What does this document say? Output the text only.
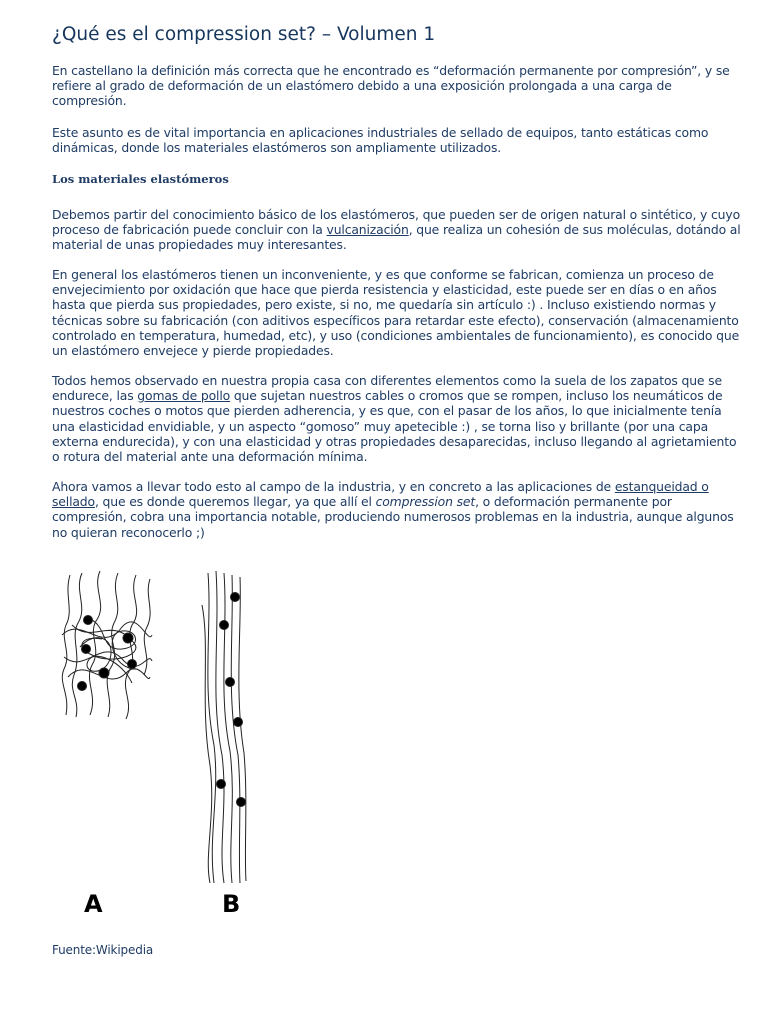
¿Qué es el compression set? – Volumen 1

En castellano la definición más correcta que he encontrado es “deformación permanente por compresión”, y se refiere al grado de deformación de un elastómero debido a una exposición prolongada a una carga de compresión.

Este asunto es de vital importancia en aplicaciones industriales de sellado de equipos, tanto estáticas como dinámicas, donde los materiales elastómeros son ampliamente utilizados.

Los materiales elastómeros

Debemos partir del conocimiento básico de los elastómeros, que pueden ser de origen natural o sintético, y cuyo proceso de fabricación puede concluir con la vulcanización, que realiza un cohesión de sus moléculas, dotándo al material de unas propiedades muy interesantes.

En general los elastómeros tienen un inconveniente, y es que conforme se fabrican, comienza un proceso de envejecimiento por oxidación que hace que pierda resistencia y elasticidad, este puede ser en días o en años hasta que pierda sus propiedades, pero existe, si no, me quedaría sin artículo :) . Incluso existiendo normas y técnicas sobre su fabricación (con aditivos específicos para retardar este efecto), conservación (almacenamiento controlado en temperatura, humedad, etc), y uso (condiciones ambientales de funcionamiento), es conocido que un elastómero envejece y pierde propiedades.

Todos hemos observado en nuestra propia casa con diferentes elementos como la suela de los zapatos que se endurece, las gomas de pollo que sujetan nuestros cables o cromos que se rompen, incluso los neumáticos de nuestros coches o motos que pierden adherencia, y es que, con el pasar de los años, lo que inicialmente tenía una elasticidad envidiable, y un aspecto “gomoso” muy apetecible :) , se torna liso y brillante (por una capa externa endurecida), y con una elasticidad y otras propiedades desaparecidas, incluso llegando al agrietamiento o rotura del material ante una deformación mínima.

Ahora vamos a llevar todo esto al campo de la industria, y en concreto a las aplicaciones de estanqueidad o sellado, que es donde queremos llegar, ya que allí el compression set, o deformación permanente por compresión, cobra una importancia notable, produciendo numerosos problemas en la industria, aunque algunos no quieran reconocerlo ;)

A	B

Fuente:Wikipedia
